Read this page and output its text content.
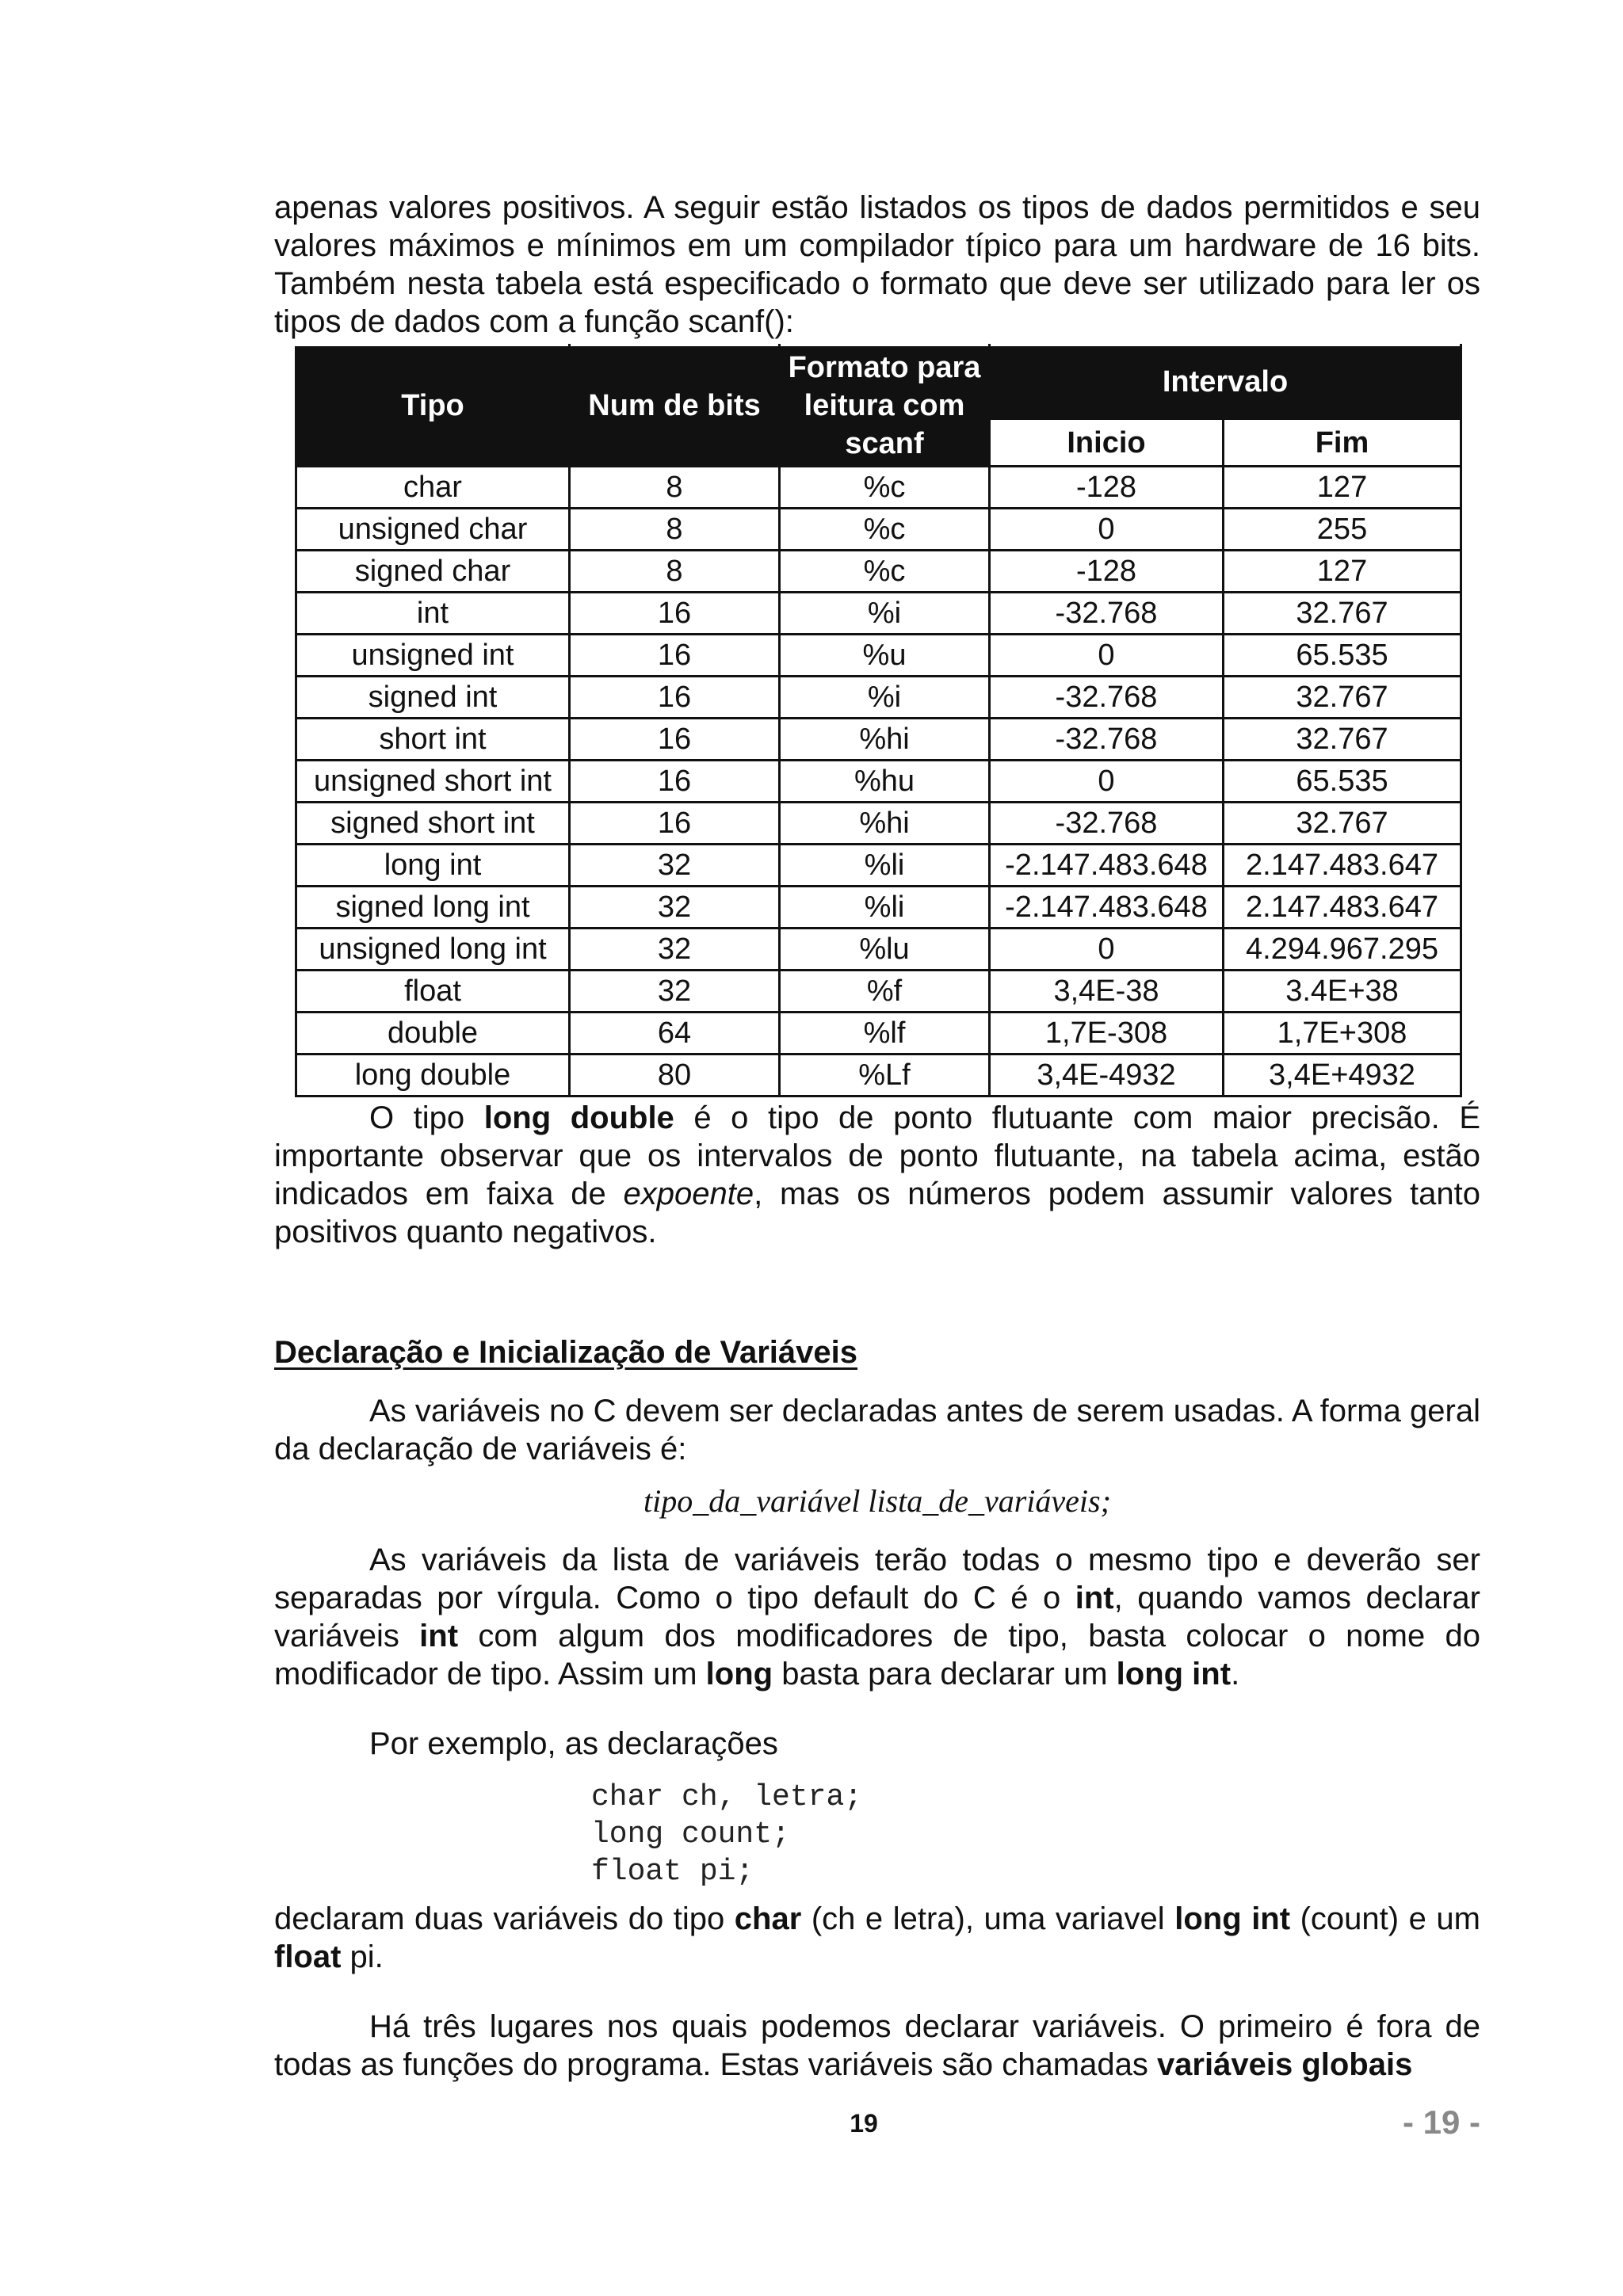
apenas valores positivos. A seguir estão listados os tipos de dados permitidos e seu valores máximos e mínimos em um compilador típico para um hardware de 16 bits. Também nesta tabela está especificado o formato que deve ser utilizado para ler os tipos de dados com a função scanf():

Tipo	Num de bits	Formato para leitura com scanf	Intervalo	
			Inicio	Fim
char	8	%c	-128	127
unsigned char	8	%c	0	255
signed char	8	%c	-128	127
int	16	%i	-32.768	32.767
unsigned int	16	%u	0	65.535
signed int	16	%i	-32.768	32.767
short int	16	%hi	-32.768	32.767
unsigned short int	16	%hu	0	65.535
signed short int	16	%hi	-32.768	32.767
long int	32	%li	-2.147.483.648	2.147.483.647
signed long int	32	%li	-2.147.483.648	2.147.483.647
unsigned long int	32	%lu	0	4.294.967.295
float	32	%f	3,4E-38	3.4E+38
double	64	%lf	1,7E-308	1,7E+308
long double	80	%Lf	3,4E-4932	3,4E+4932

O tipo long double é o tipo de ponto flutuante com maior precisão. É importante observar que os intervalos de ponto flutuante, na tabela acima, estão indicados em faixa de expoente, mas os números podem assumir valores tanto positivos quanto negativos.

Declaração e Inicialização de Variáveis

As variáveis no C devem ser declaradas antes de serem usadas. A forma geral da declaração de variáveis é:

tipo_da_variável lista_de_variáveis;

As variáveis da lista de variáveis terão todas o mesmo tipo e deverão ser separadas por vírgula. Como o tipo default do C é o int, quando vamos declarar variáveis int com algum dos modificadores de tipo, basta colocar o nome do modificador de tipo. Assim um long basta para declarar um long int.

Por exemplo, as declarações

char ch, letra;
long count;
float pi;

declaram duas variáveis do tipo char (ch e letra), uma variavel long int (count) e um float pi.

Há três lugares nos quais podemos declarar variáveis. O primeiro é fora de todas as funções do programa. Estas variáveis são chamadas variáveis globais

19	- 19 -
